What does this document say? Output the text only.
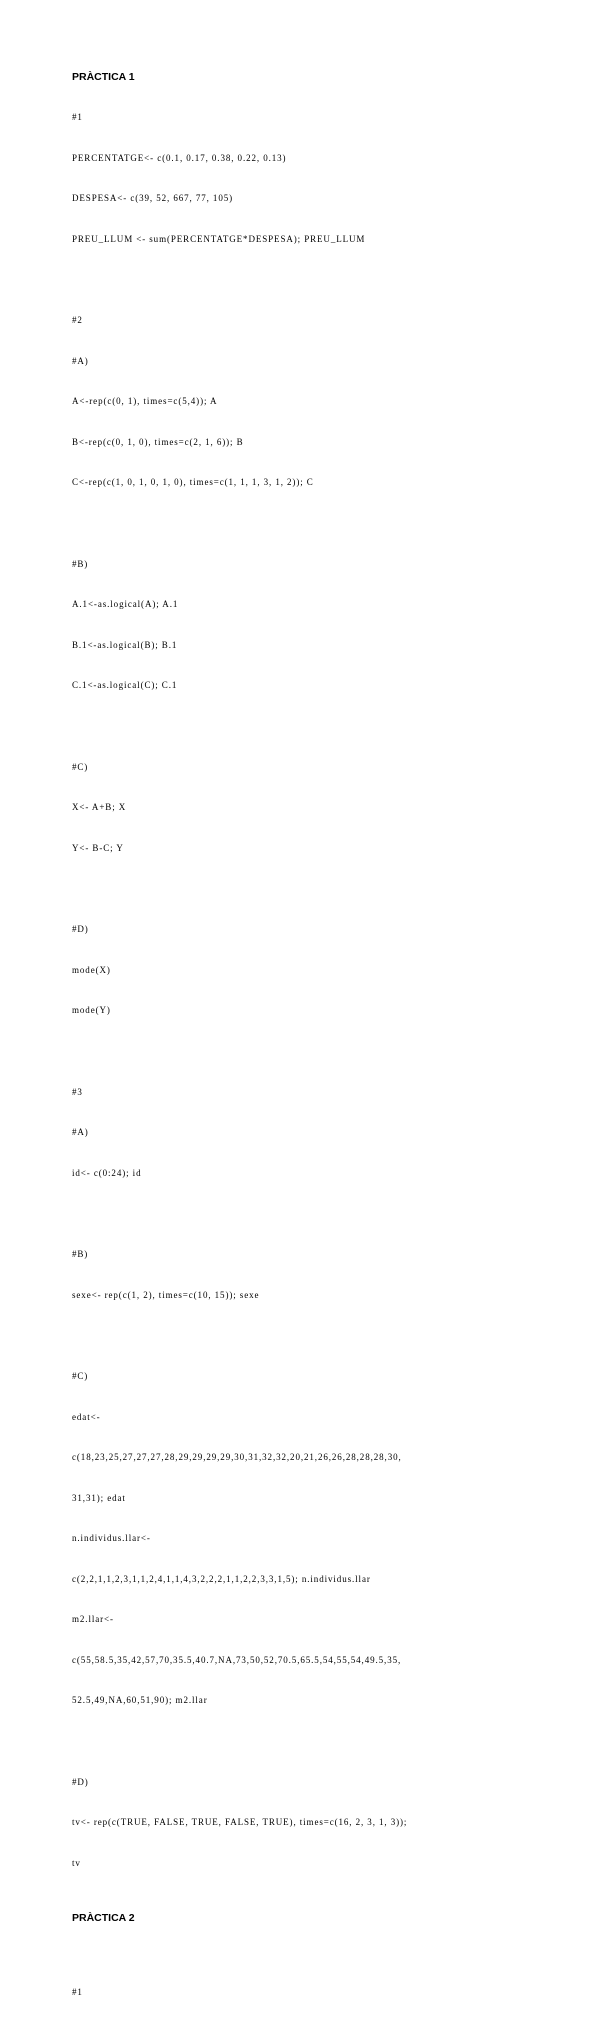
PRÀCTICA 1

#1

PERCENTATGE<- c(0.1, 0.17, 0.38, 0.22, 0.13)

DESPESA<- c(39, 52, 667, 77, 105)

PREU_LLUM <- sum(PERCENTATGE*DESPESA); PREU_LLUM

#2

#A)

A<-rep(c(0, 1), times=c(5,4)); A

B<-rep(c(0, 1, 0), times=c(2, 1, 6)); B

C<-rep(c(1, 0, 1, 0, 1, 0), times=c(1, 1, 1, 3, 1, 2)); C

#B)

A.1<-as.logical(A); A.1

B.1<-as.logical(B); B.1

C.1<-as.logical(C); C.1

#C)

X<- A+B; X

Y<- B-C; Y

#D)

mode(X)

mode(Y)

#3

#A)

id<- c(0:24); id

#B)

sexe<- rep(c(1, 2), times=c(10, 15)); sexe

#C)

edat<-

c(18,23,25,27,27,27,28,29,29,29,29,30,31,32,32,20,21,26,26,28,28,28,30,

31,31); edat

n.individus.llar<-

c(2,2,1,1,2,3,1,1,2,4,1,1,4,3,2,2,2,1,1,2,2,3,3,1,5); n.individus.llar

m2.llar<-

c(55,58.5,35,42,57,70,35.5,40.7,NA,73,50,52,70.5,65.5,54,55,54,49.5,35,

52.5,49,NA,60,51,90); m2.llar

#D)

tv<- rep(c(TRUE, FALSE, TRUE, FALSE, TRUE), times=c(16, 2, 3, 1, 3));

tv

PRÀCTICA 2

#1
